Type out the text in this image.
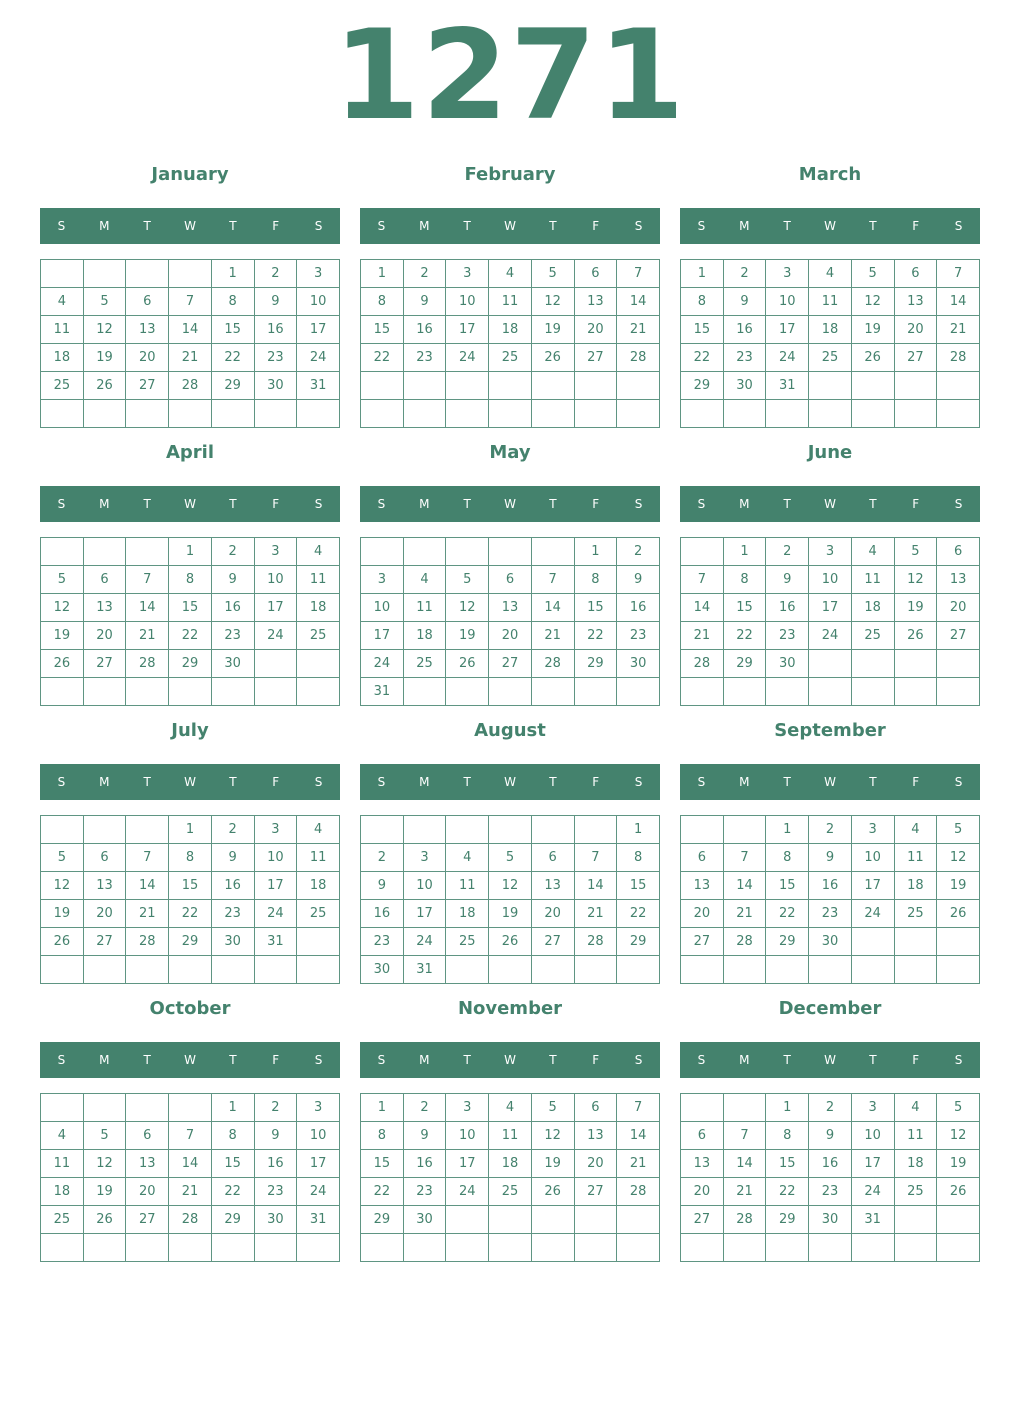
1271
January
S	M	T	W	T	F	S
				1	2	3
4	5	6	7	8	9	10
11	12	13	14	15	16	17
18	19	20	21	22	23	24
25	26	27	28	29	30	31

February
S	M	T	W	T	F	S
1	2	3	4	5	6	7
8	9	10	11	12	13	14
15	16	17	18	19	20	21
22	23	24	25	26	27	28

March
S	M	T	W	T	F	S
1	2	3	4	5	6	7
8	9	10	11	12	13	14
15	16	17	18	19	20	21
22	23	24	25	26	27	28
29	30	31				

April
S	M	T	W	T	F	S
			1	2	3	4
5	6	7	8	9	10	11
12	13	14	15	16	17	18
19	20	21	22	23	24	25
26	27	28	29	30		

May
S	M	T	W	T	F	S
					1	2
3	4	5	6	7	8	9
10	11	12	13	14	15	16
17	18	19	20	21	22	23
24	25	26	27	28	29	30
31						
June
S	M	T	W	T	F	S
	1	2	3	4	5	6
7	8	9	10	11	12	13
14	15	16	17	18	19	20
21	22	23	24	25	26	27
28	29	30				

July
S	M	T	W	T	F	S
			1	2	3	4
5	6	7	8	9	10	11
12	13	14	15	16	17	18
19	20	21	22	23	24	25
26	27	28	29	30	31	

August
S	M	T	W	T	F	S
						1
2	3	4	5	6	7	8
9	10	11	12	13	14	15
16	17	18	19	20	21	22
23	24	25	26	27	28	29
30	31					
September
S	M	T	W	T	F	S
		1	2	3	4	5
6	7	8	9	10	11	12
13	14	15	16	17	18	19
20	21	22	23	24	25	26
27	28	29	30			

October
S	M	T	W	T	F	S
				1	2	3
4	5	6	7	8	9	10
11	12	13	14	15	16	17
18	19	20	21	22	23	24
25	26	27	28	29	30	31

November
S	M	T	W	T	F	S
1	2	3	4	5	6	7
8	9	10	11	12	13	14
15	16	17	18	19	20	21
22	23	24	25	26	27	28
29	30					

December
S	M	T	W	T	F	S
		1	2	3	4	5
6	7	8	9	10	11	12
13	14	15	16	17	18	19
20	21	22	23	24	25	26
27	28	29	30	31		
